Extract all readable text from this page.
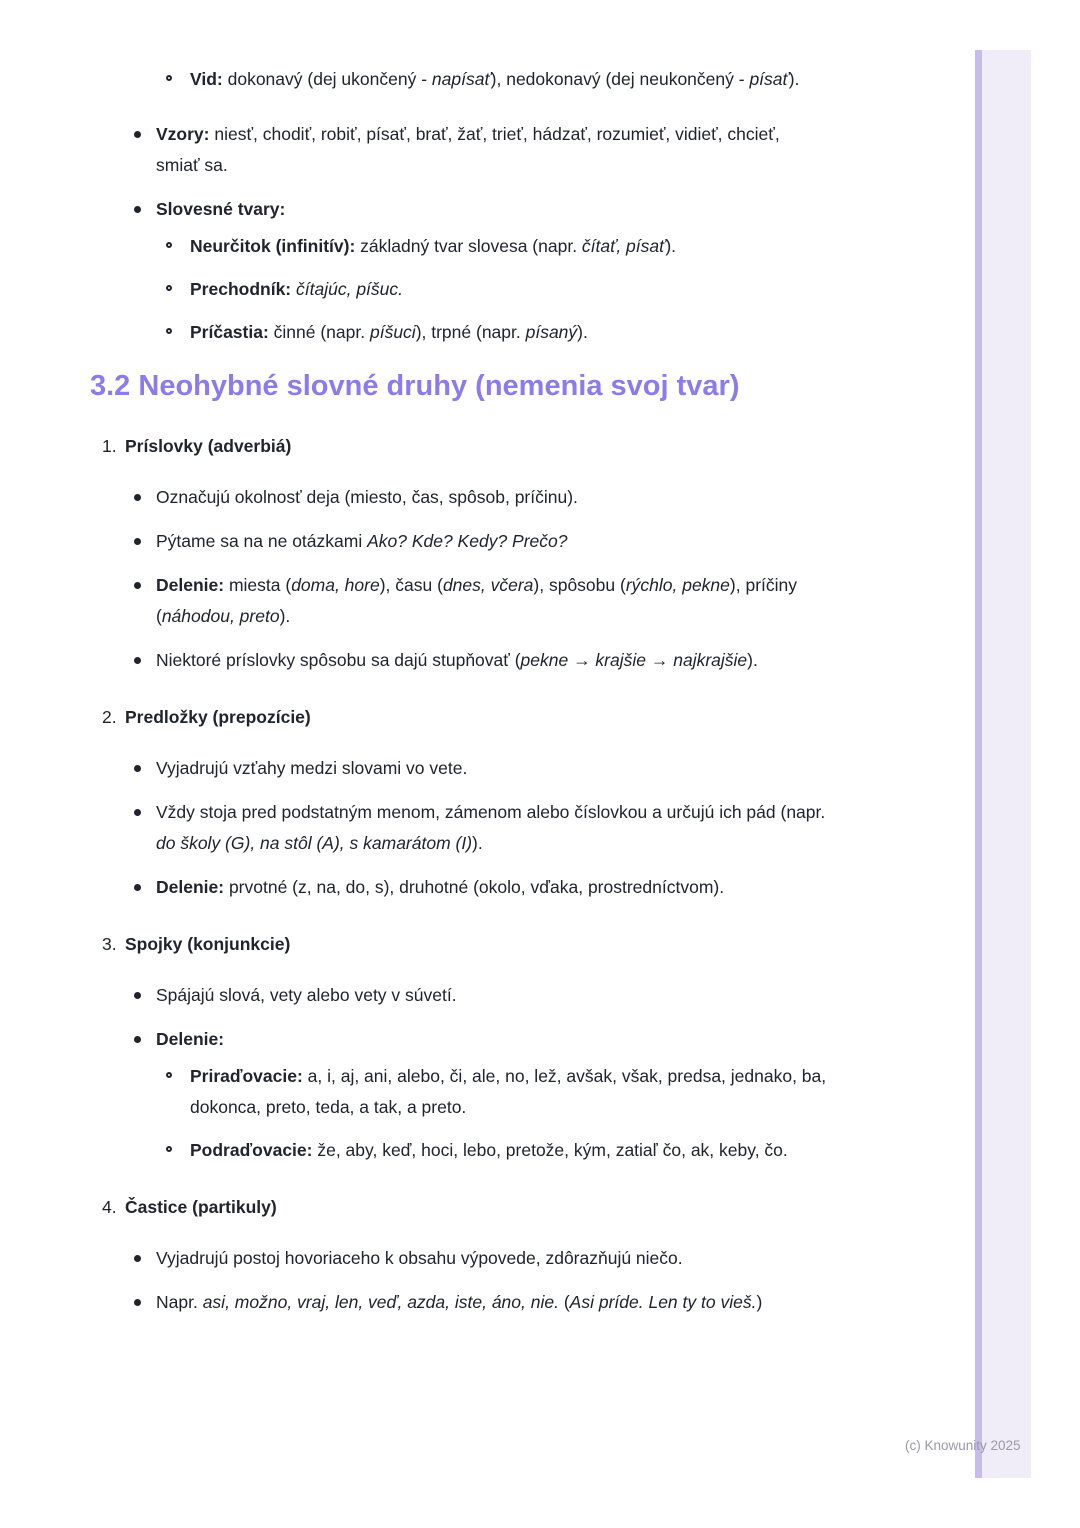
Vid: dokonavý (dej ukončený - napísať), nedokonavý (dej neukončený - písať).
Vzory: niesť, chodiť, robiť, písať, brať, žať, trieť, hádzať, rozumieť, vidieť, chcieť, smiať sa.
Slovesné tvary:
Neurčitok (infinitív): základný tvar slovesa (napr. čítať, písať).
Prechodník: čítajúc, píšuc.
Príčastia: činné (napr. píšuci), trpné (napr. písaný).
3.2 Neohybné slovné druhy (nemenia svoj tvar)
1. Príslovky (adverbiá)
Označujú okolnosť deja (miesto, čas, spôsob, príčinu).
Pýtame sa na ne otázkami Ako? Kde? Kedy? Prečo?
Delenie: miesta (doma, hore), času (dnes, včera), spôsobu (rýchlo, pekne), príčiny (náhodou, preto).
Niektoré príslovky spôsobu sa dajú stupňovať (pekne → krajšie → najkrajšie).
2. Predložky (prepozície)
Vyjadrujú vzťahy medzi slovami vo vete.
Vždy stoja pred podstatným menom, zámenom alebo číslovkou a určujú ich pád (napr. do školy (G), na stôl (A), s kamarátom (I)).
Delenie: prvotné (z, na, do, s), druhotné (okolo, vďaka, prostredníctvom).
3. Spojky (konjunkcie)
Spájajú slová, vety alebo vety v súvetí.
Delenie:
Priraďovacie: a, i, aj, ani, alebo, či, ale, no, lež, avšak, však, predsa, jednako, ba, dokonca, preto, teda, a tak, a preto.
Podraďovacie: že, aby, keď, hoci, lebo, pretože, kým, zatiaľ čo, ak, keby, čo.
4. Častice (partikuly)
Vyjadrujú postoj hovoriaceho k obsahu výpovede, zdôrazňujú niečo.
Napr. asi, možno, vraj, len, veď, azda, iste, áno, nie. (Asi príde. Len ty to vieš.)
(c) Knowunity 2025
